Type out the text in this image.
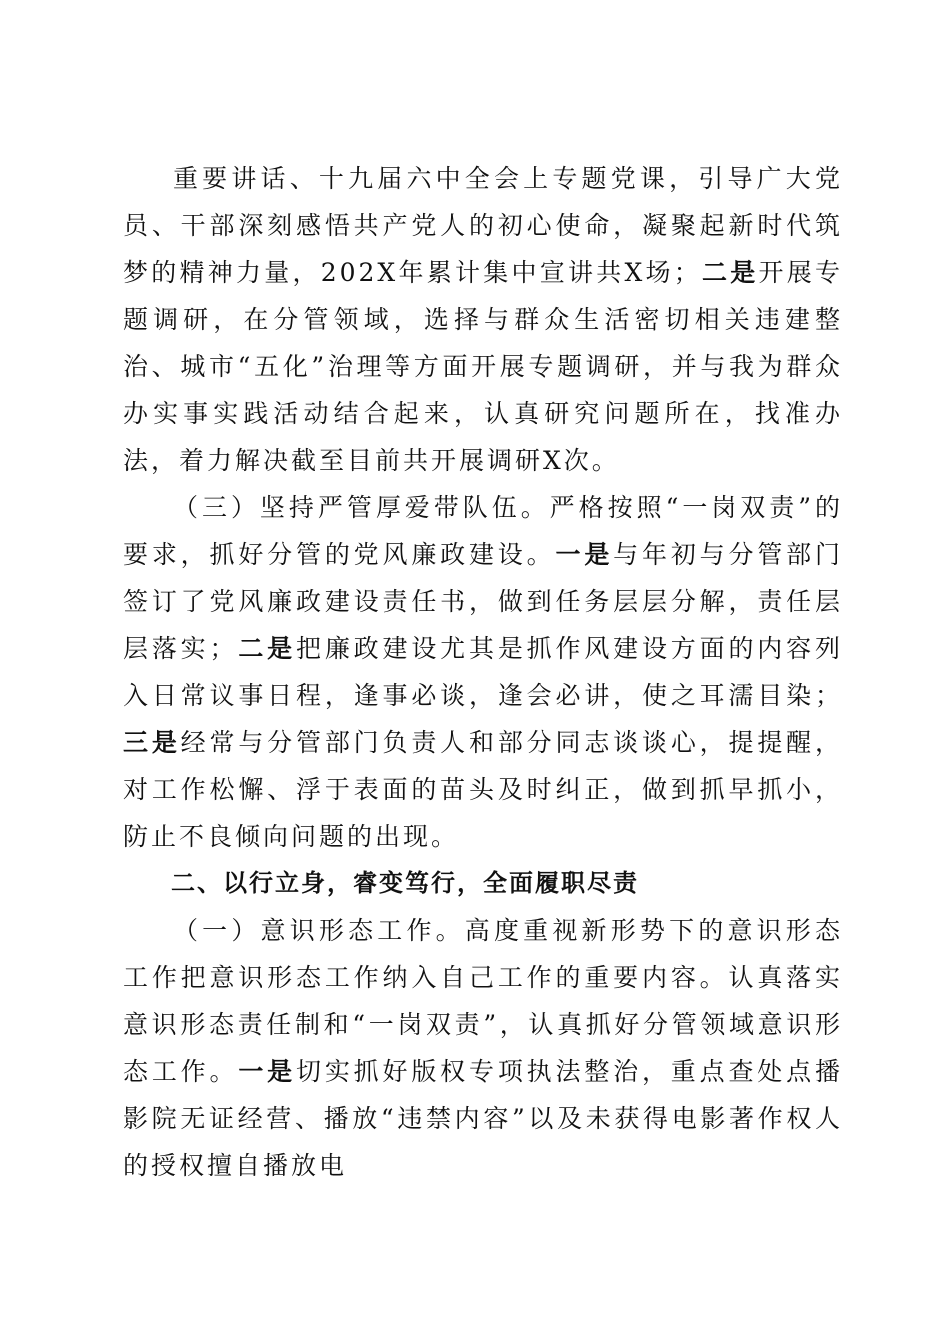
重要讲话、十九届六中全会上专题党课，引导广大党员、干部深刻感悟共产党人的初心使命，凝聚起新时代筑梦的精神力量，202X年累计集中宣讲共X场；二是开展专题调研，在分管领域，选择与群众生活密切相关违建整治、城市“五化”治理等方面开展专题调研，并与我为群众办实事实践活动结合起来，认真研究问题所在，找准办法，着力解决截至目前共开展调研X次。

（三）坚持严管厚爱带队伍。严格按照“一岗双责”的要求，抓好分管的党风廉政建设。一是与年初与分管部门签订了党风廉政建设责任书，做到任务层层分解，责任层层落实；二是把廉政建设尤其是抓作风建设方面的内容列入日常议事日程，逢事必谈，逢会必讲，使之耳濡目染；三是经常与分管部门负责人和部分同志谈谈心，提提醒，对工作松懈、浮于表面的苗头及时纠正，做到抓早抓小，防止不良倾向问题的出现。

二、以行立身，睿变笃行，全面履职尽责

（一）意识形态工作。高度重视新形势下的意识形态工作把意识形态工作纳入自己工作的重要内容。认真落实意识形态责任制和“一岗双责”，认真抓好分管领域意识形态工作。一是切实抓好版权专项执法整治，重点查处点播影院无证经营、播放“违禁内容”以及未获得电影著作权人的授权擅自播放电
